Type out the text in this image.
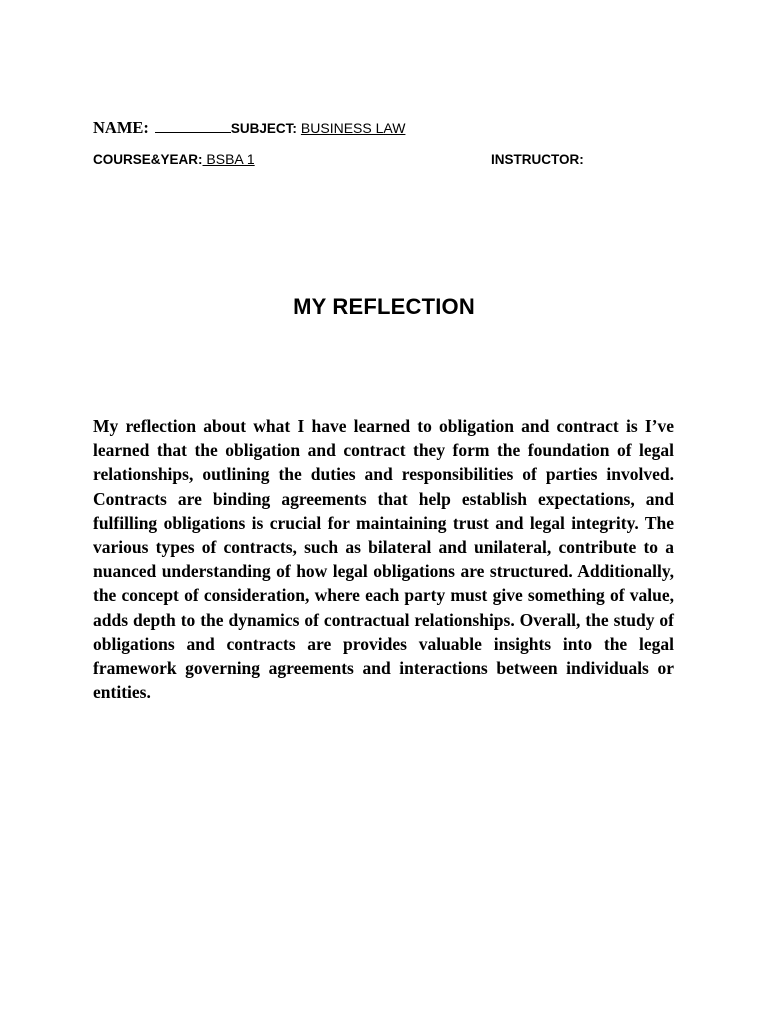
NAME:	SUBJECT: BUSINESS LAW
COURSE&YEAR: BSBA 1	INSTRUCTOR:
MY REFLECTION

My reflection about what I have learned to obligation and contract is I’ve learned that the obligation and contract they form the foundation of legal relationships, outlining the duties and responsibilities of parties involved. Contracts are binding agreements that help establish expectations, and fulfilling obligations is crucial for maintaining trust and legal integrity. The various types of contracts, such as bilateral and unilateral, contribute to a nuanced understanding of how legal obligations are structured. Additionally, the concept of consideration, where each party must give something of value, adds depth to the dynamics of contractual relationships. Overall, the study of obligations and contracts are provides valuable insights into the legal framework governing agreements and interactions between individuals or entities.
